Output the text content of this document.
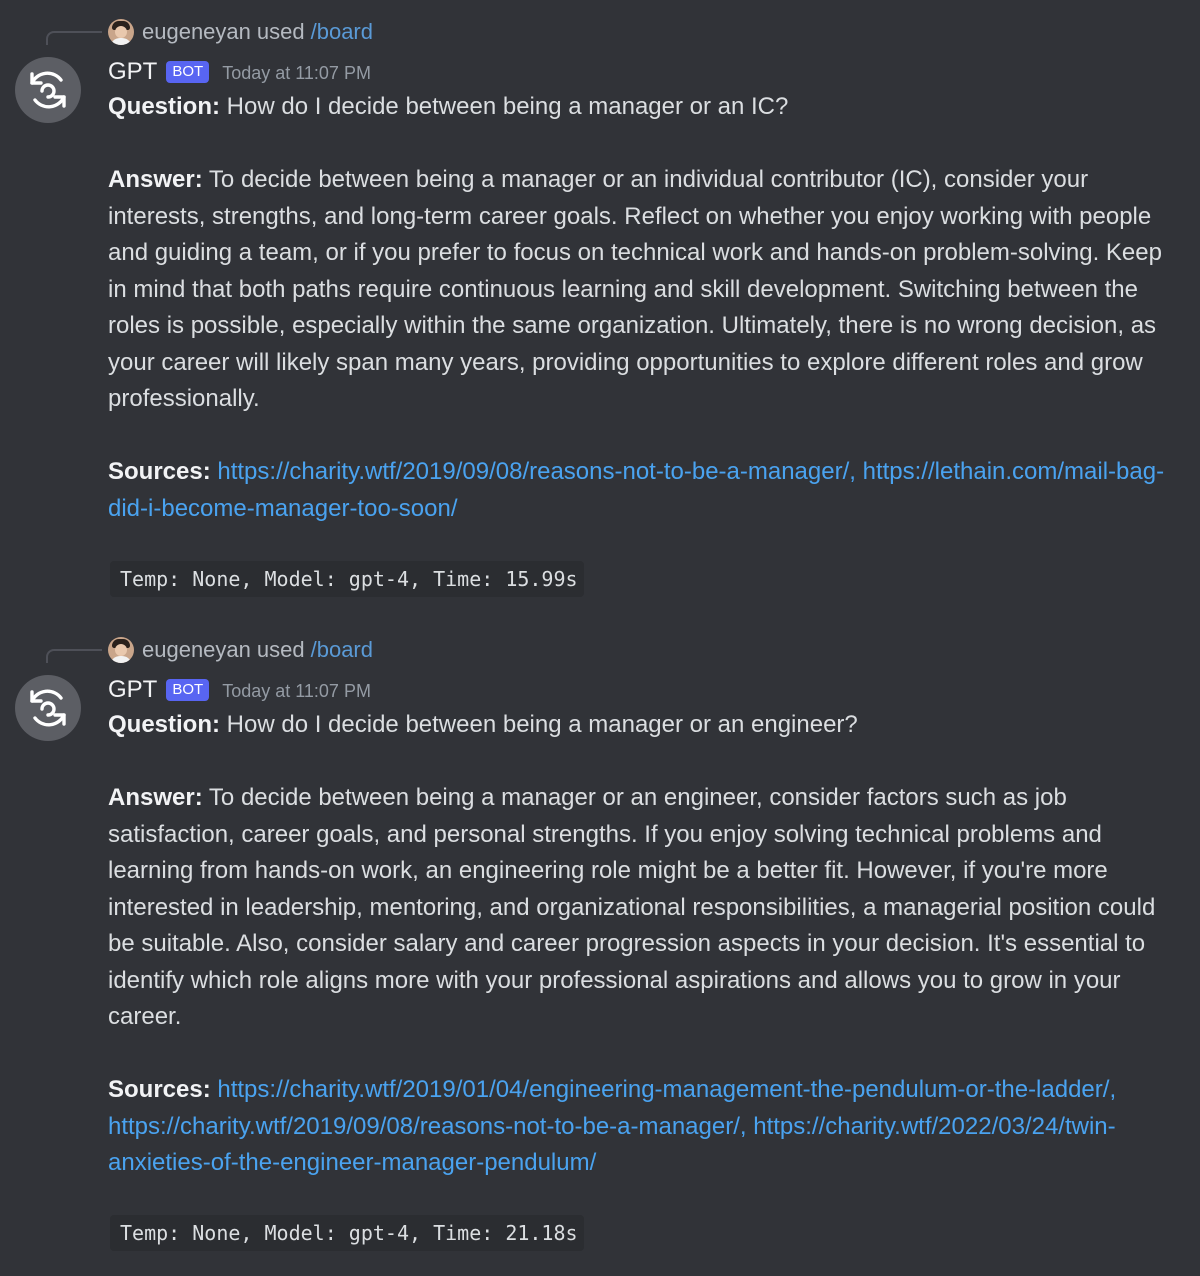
eugeneyan used /board
GPT	BOT	Today at 11:07 PM

Question: How do I decide between being a manager or an IC?

Answer: To decide between being a manager or an individual contributor (IC), consider your interests, strengths, and long-term career goals. Reflect on whether you enjoy working with people and guiding a team, or if you prefer to focus on technical work and hands-on problem-solving. Keep in mind that both paths require continuous learning and skill development. Switching between the roles is possible, especially within the same organization. Ultimately, there is no wrong decision, as your career will likely span many years, providing opportunities to explore different roles and grow professionally.

Sources: https://charity.wtf/2019/09/08/reasons-not-to-be-a-manager/, https://lethain.com/mail-bag-did-i-become-manager-too-soon/

Temp: None, Model: gpt-4, Time: 15.99s

eugeneyan used /board
GPT	BOT	Today at 11:07 PM

Question: How do I decide between being a manager or an engineer?

Answer: To decide between being a manager or an engineer, consider factors such as job satisfaction, career goals, and personal strengths. If you enjoy solving technical problems and learning from hands-on work, an engineering role might be a better fit. However, if you're more interested in leadership, mentoring, and organizational responsibilities, a managerial position could be suitable. Also, consider salary and career progression aspects in your decision. It's essential to identify which role aligns more with your professional aspirations and allows you to grow in your career.

Sources: https://charity.wtf/2019/01/04/engineering-management-the-pendulum-or-the-ladder/, https://charity.wtf/2019/09/08/reasons-not-to-be-a-manager/, https://charity.wtf/2022/03/24/twin-anxieties-of-the-engineer-manager-pendulum/

Temp: None, Model: gpt-4, Time: 21.18s
